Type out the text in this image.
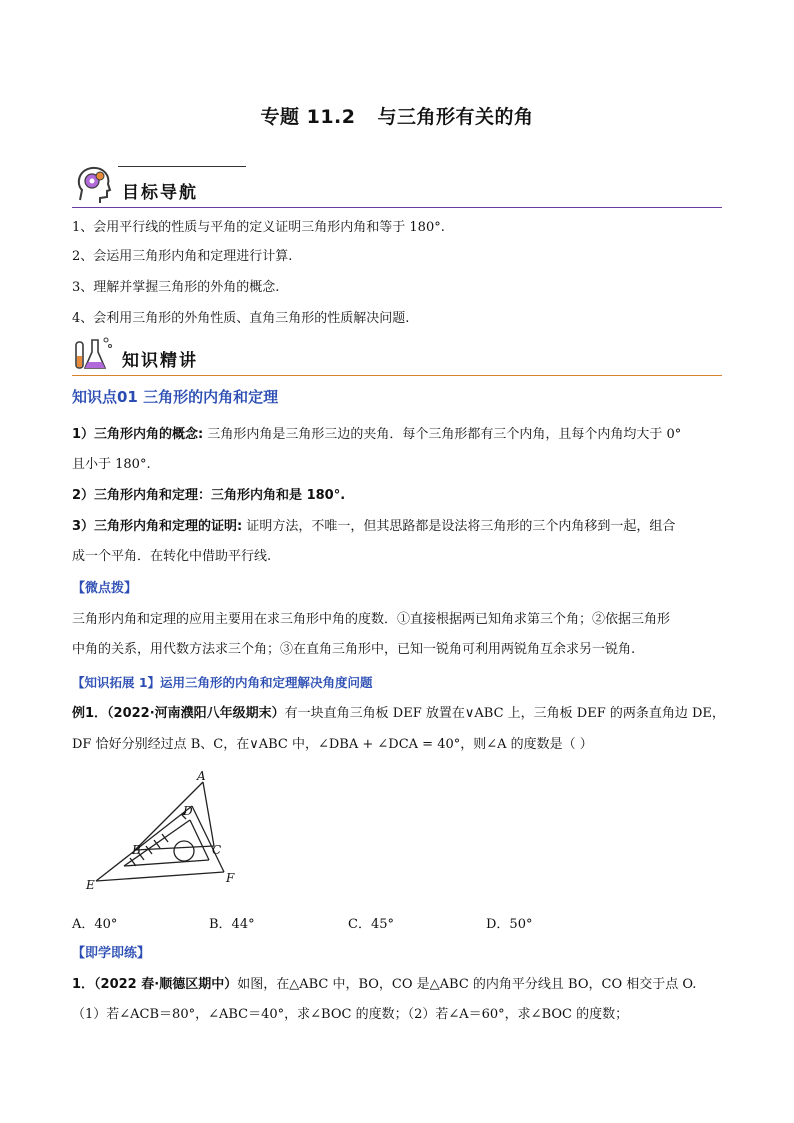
专题 11.2 与三角形有关的角
目标导航
1、会用平行线的性质与平角的定义证明三角形内角和等于 180°.
2、会运用三角形内角和定理进行计算.
3、理解并掌握三角形的外角的概念.
4、会利用三角形的外角性质、直角三角形的性质解决问题.
知识精讲
知识点01 三角形的内角和定理
1）三角形内角的概念: 三角形内角是三角形三边的夹角．每个三角形都有三个内角，且每个内角均大于 0°
且小于 180°.
2）三角形内角和定理：三角形内角和是 180°.
3）三角形内角和定理的证明: 证明方法，不唯一，但其思路都是设法将三角形的三个内角移到一起，组合
成一个平角．在转化中借助平行线.
【微点拨】
三角形内角和定理的应用主要用在求三角形中角的度数．①直接根据两已知角求第三个角；②依据三角形
中角的关系，用代数方法求三个角；③在直角三角形中，已知一锐角可利用两锐角互余求另一锐角.
【知识拓展 1】运用三角形的内角和定理解决角度问题
例1．（2022·河南濮阳八年级期末）有一块直角三角板 DEF 放置在∨ABC 上，三角板 DEF 的两条直角边 DE，
DF 恰好分别经过点 B、C，在∨ABC 中，∠DBA + ∠DCA = 40°，则∠A 的度数是（ ）
A
D
B	C
E	F
A．40°	B．44°	C．45°	D．50°
【即学即练】
1．（2022 春·顺德区期中）如图，在△ABC 中，BO，CO 是△ABC 的内角平分线且 BO，CO 相交于点 O.
（1）若∠ACB＝80°，∠ABC＝40°，求∠BOC 的度数；（2）若∠A＝60°，求∠BOC 的度数；
